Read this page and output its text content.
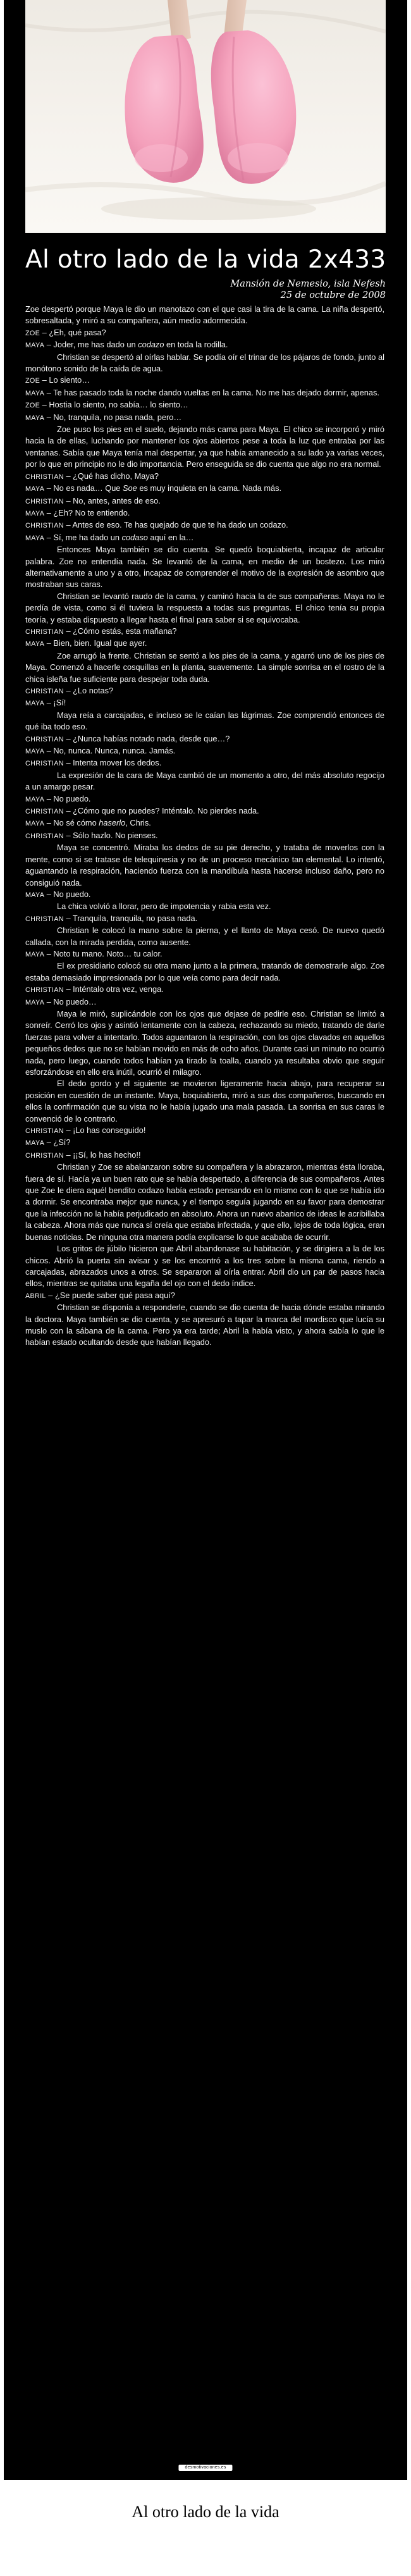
Al otro lado de la vida 2x433
Mansión de Nemesio, isla Nefesh
25 de octubre de 2008

Zoe despertó porque Maya le dio un manotazo con el que casi la tira de la cama. La niña despertó, sobresaltada, y miró a su compañera, aún medio adormecida.

ZOE – ¿Eh, qué pasa?

MAYA – Joder, me has dado un codazo en toda la rodilla.

Christian se despertó al oírlas hablar. Se podía oír el trinar de los pájaros de fondo, junto al monótono sonido de la caída de agua.

ZOE – Lo siento…

MAYA – Te has pasado toda la noche dando vueltas en la cama. No me has dejado dormir, apenas.

ZOE – Hostia lo siento, no sabía… lo siento…

MAYA – No, tranquila, no pasa nada, pero…

Zoe puso los pies en el suelo, dejando más cama para Maya. El chico se incorporó y miró hacia la de ellas, luchando por mantener los ojos abiertos pese a toda la luz que entraba por las ventanas. Sabía que Maya tenía mal despertar, ya que había amanecido a su lado ya varias veces, por lo que en principio no le dio importancia. Pero enseguida se dio cuenta que algo no era normal.

CHRISTIAN – ¿Qué has dicho, Maya?

MAYA – No es nada… Que Soe es muy inquieta en la cama. Nada más.

CHRISTIAN – No, antes, antes de eso.

MAYA – ¿Eh? No te entiendo.

CHRISTIAN – Antes de eso. Te has quejado de que te ha dado un codazo.

MAYA – Sí, me ha dado un codaso aquí en la…

Entonces Maya también se dio cuenta. Se quedó boquiabierta, incapaz de articular palabra. Zoe no entendía nada. Se levantó de la cama, en medio de un bostezo. Los miró alternativamente a uno y a otro, incapaz de comprender el motivo de la expresión de asombro que mostraban sus caras.

Christian se levantó raudo de la cama, y caminó hacia la de sus compañeras. Maya no le perdía de vista, como si él tuviera la respuesta a todas sus preguntas. El chico tenía su propia teoría, y estaba dispuesto a llegar hasta el final para saber si se equivocaba.

CHRISTIAN – ¿Cómo estás, esta mañana?

MAYA – Bien, bien. Igual que ayer.

Zoe arrugó la frente. Christian se sentó a los pies de la cama, y agarró uno de los pies de Maya. Comenzó a hacerle cosquillas en la planta, suavemente. La simple sonrisa en el rostro de la chica isleña fue suficiente para despejar toda duda.

CHRISTIAN – ¿Lo notas?

MAYA – ¡Sí!

Maya reía a carcajadas, e incluso se le caían las lágrimas. Zoe comprendió entonces de qué iba todo eso.

CHRISTIAN – ¿Nunca habías notado nada, desde que…?

MAYA – No, nunca. Nunca, nunca. Jamás.

CHRISTIAN – Intenta mover los dedos.

La expresión de la cara de Maya cambió de un momento a otro, del más absoluto regocijo a un amargo pesar.

MAYA – No puedo.

CHRISTIAN – ¿Cómo que no puedes? Inténtalo. No pierdes nada.

MAYA – No sé cómo haserlo, Chris.

CHRISTIAN – Sólo hazlo. No pienses.

Maya se concentró. Miraba los dedos de su pie derecho, y trataba de moverlos con la mente, como si se tratase de telequinesia y no de un proceso mecánico tan elemental. Lo intentó, aguantando la respiración, haciendo fuerza con la mandíbula hasta hacerse incluso daño, pero no consiguió nada.

MAYA – No puedo.

La chica volvió a llorar, pero de impotencia y rabia esta vez.

CHRISTIAN – Tranquila, tranquila, no pasa nada.

Christian le colocó la mano sobre la pierna, y el llanto de Maya cesó. De nuevo quedó callada, con la mirada perdida, como ausente.

MAYA – Noto tu mano. Noto… tu calor.

El ex presidiario colocó su otra mano junto a la primera, tratando de demostrarle algo. Zoe estaba demasiado impresionada por lo que veía como para decir nada.

CHRISTIAN – Inténtalo otra vez, venga.

MAYA – No puedo…

Maya le miró, suplicándole con los ojos que dejase de pedirle eso. Christian se limitó a sonreír. Cerró los ojos y asintió lentamente con la cabeza, rechazando su miedo, tratando de darle fuerzas para volver a intentarlo. Todos aguantaron la respiración, con los ojos clavados en aquellos pequeños dedos que no se habían movido en más de ocho años. Durante casi un minuto no ocurrió nada, pero luego, cuando todos habían ya tirado la toalla, cuando ya resultaba obvio que seguir esforzándose en ello era inútil, ocurrió el milagro.

El dedo gordo y el siguiente se movieron ligeramente hacia abajo, para recuperar su posición en cuestión de un instante. Maya, boquiabierta, miró a sus dos compañeros, buscando en ellos la confirmación que su vista no le había jugado una mala pasada. La sonrisa en sus caras le convenció de lo contrario.

CHRISTIAN – ¡Lo has conseguido!

MAYA – ¿Sí?

CHRISTIAN – ¡¡Sí, lo has hecho!!

Christian y Zoe se abalanzaron sobre su compañera y la abrazaron, mientras ésta lloraba, fuera de sí. Hacía ya un buen rato que se había despertado, a diferencia de sus compañeros. Antes que Zoe le diera aquél bendito codazo había estado pensando en lo mismo con lo que se había ido a dormir. Se encontraba mejor que nunca, y el tiempo seguía jugando en su favor para demostrar que la infección no la había perjudicado en absoluto. Ahora un nuevo abanico de ideas le acribillaba la cabeza. Ahora más que nunca sí creía que estaba infectada, y que ello, lejos de toda lógica, eran buenas noticias. De ninguna otra manera podía explicarse lo que acababa de ocurrir.

Los gritos de júbilo hicieron que Abril abandonase su habitación, y se dirigiera a la de los chicos. Abrió la puerta sin avisar y se los encontró a los tres sobre la misma cama, riendo a carcajadas, abrazados unos a otros. Se separaron al oírla entrar. Abril dio un par de pasos hacia ellos, mientras se quitaba una legaña del ojo con el dedo índice.

ABRIL – ¿Se puede saber qué pasa aquí?

Christian se disponía a responderle, cuando se dio cuenta de hacia dónde estaba mirando la doctora. Maya también se dio cuenta, y se apresuró a tapar la marca del mordisco que lucía su muslo con la sábana de la cama. Pero ya era tarde; Abril la había visto, y ahora sabía lo que le habían estado ocultando desde que habían llegado.

desmotivaciones.es
Al otro lado de la vida
